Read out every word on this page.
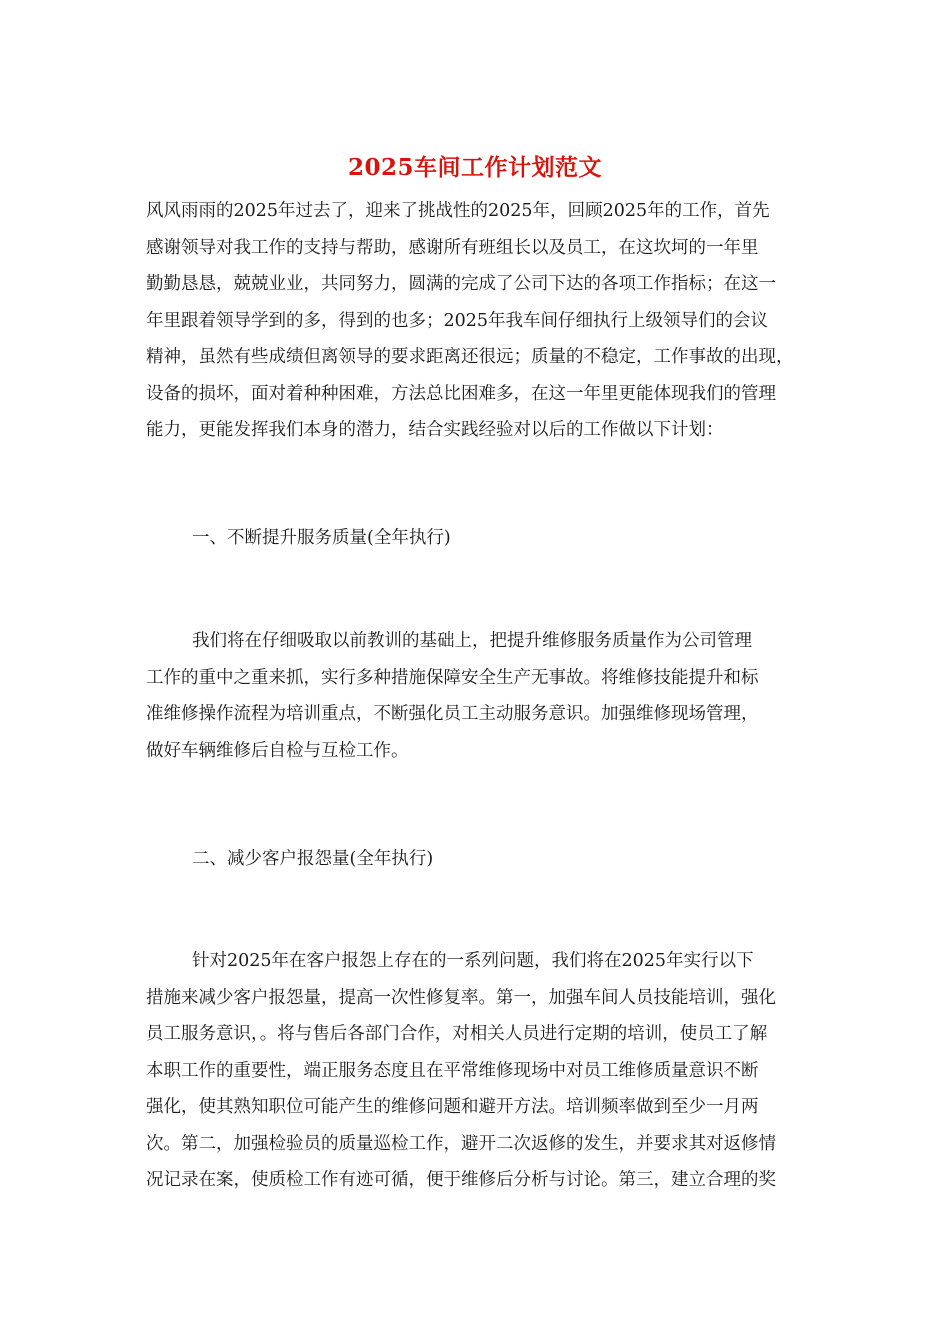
2025车间工作计划范文

风风雨雨的2025年过去了，迎来了挑战性的2025年，回顾2025年的工作，首先
感谢领导对我工作的支持与帮助，感谢所有班组长以及员工，在这坎坷的一年里
勤勤恳恳，兢兢业业，共同努力，圆满的完成了公司下达的各项工作指标；在这一
年里跟着领导学到的多，得到的也多；2025年我车间仔细执行上级领导们的会议
精神，虽然有些成绩但离领导的要求距离还很远；质量的不稳定，工作事故的出现，
设备的损坏，面对着种种困难，方法总比困难多，在这一年里更能体现我们的管理
能力，更能发挥我们本身的潜力，结合实践经验对以后的工作做以下计划：

一、不断提升服务质量(全年执行)

我们将在仔细吸取以前教训的基础上，把提升维修服务质量作为公司管理
工作的重中之重来抓，实行多种措施保障安全生产无事故。将维修技能提升和标
准维修操作流程为培训重点，不断强化员工主动服务意识。加强维修现场管理，
做好车辆维修后自检与互检工作。

二、减少客户报怨量(全年执行)

针对2025年在客户报怨上存在的一系列问题，我们将在2025年实行以下
措施来减少客户报怨量，提高一次性修复率。第一，加强车间人员技能培训，强化
员工服务意识，。将与售后各部门合作，对相关人员进行定期的培训，使员工了解
本职工作的重要性，端正服务态度且在平常维修现场中对员工维修质量意识不断
强化，使其熟知职位可能产生的维修问题和避开方法。培训频率做到至少一月两
次。第二，加强检验员的质量巡检工作，避开二次返修的发生，并要求其对返修情
况记录在案，使质检工作有迹可循，便于维修后分析与讨论。第三，建立合理的奖
